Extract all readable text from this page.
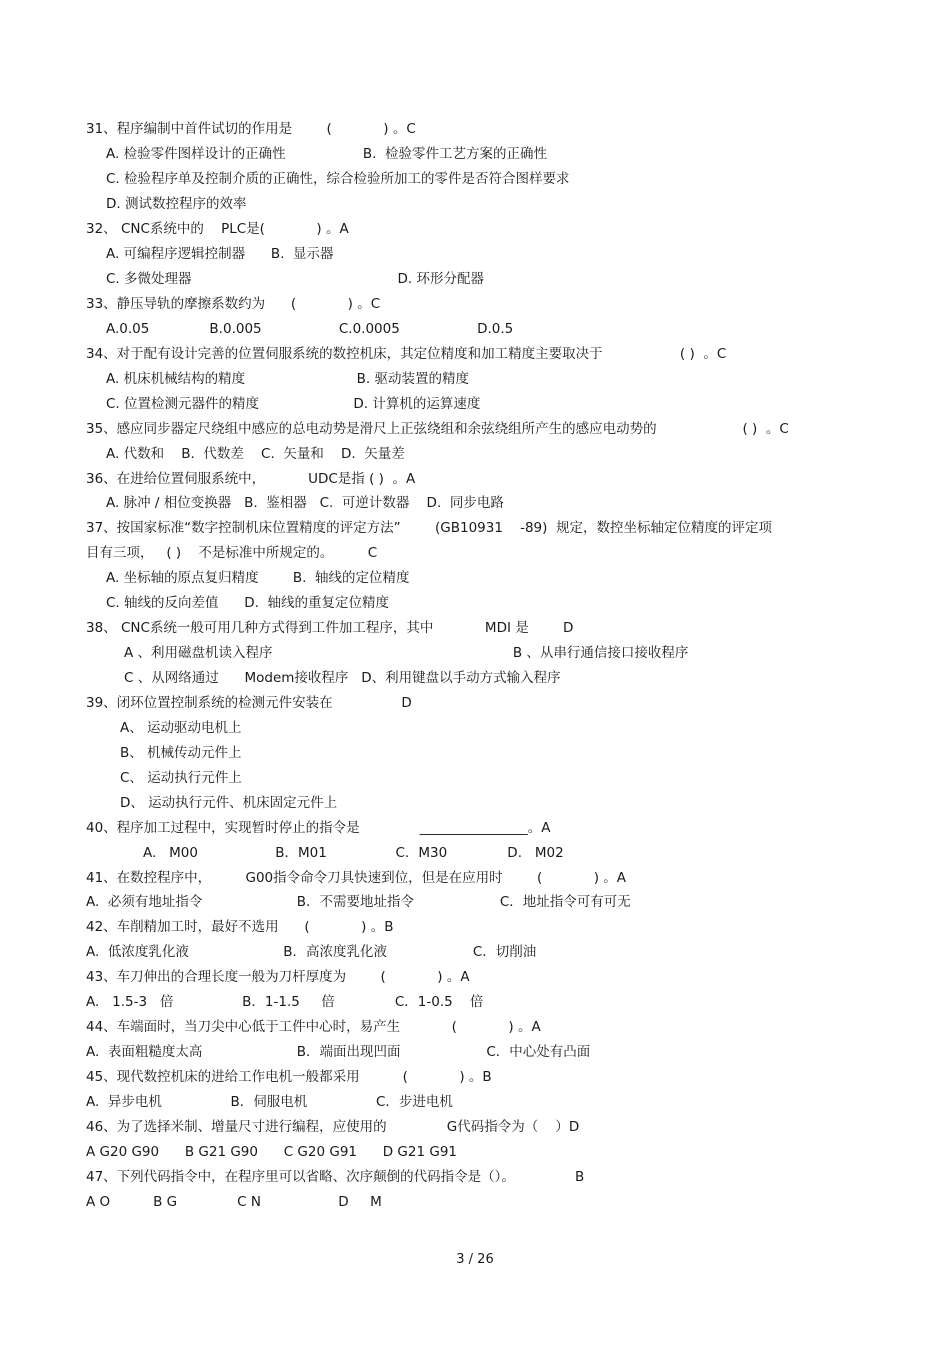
31、程序编制中首件试切的作用是        (            ) 。C
A. 检验零件图样设计的正确性                  B.  检验零件工艺方案的正确性
C. 检验程序单及控制介质的正确性，综合检验所加工的零件是否符合图样要求
D. 测试数控程序的效率
32、 CNC系统中的    PLC是(            ) 。A
A. 可编程序逻辑控制器      B.  显示器
C. 多微处理器                                                D. 环形分配器
33、静压导轨的摩擦系数约为      (            ) 。C
A.0.05              B.0.005                  C.0.0005                  D.0.5
34、对于配有设计完善的位置伺服系统的数控机床，其定位精度和加工精度主要取决于                  ( )  。C
A. 机床机械结构的精度                          B. 驱动装置的精度
C. 位置检测元器件的精度                      D. 计算机的运算速度
35、感应同步器定尺绕组中感应的总电动势是滑尺上正弦绕组和余弦绕组所产生的感应电动势的                    ( )  。C
A. 代数和    B.  代数差    C.  矢量和    D.  矢量差
36、在进给位置伺服系统中，          UDC是指 ( )  。A
A. 脉冲 / 相位变换器   B.  鉴相器   C.  可逆计数器    D.  同步电路
37、按国家标准“数字控制机床位置精度的评定方法”        (GB10931    -89)  规定，数控坐标轴定位精度的评定项
目有三项，   ( )    不是标准中所规定的。        C
A. 坐标轴的原点复归精度        B.  轴线的定位精度
C. 轴线的反向差值      D.  轴线的重复定位精度
38、 CNC系统一般可用几种方式得到工件加工程序，其中            MDI 是        D
A 、利用磁盘机读入程序                                                        B 、从串行通信接口接收程序
C 、从网络通过      Modem接收程序   D、利用键盘以手动方式输入程序
39、闭环位置控制系统的检测元件安装在                D
A、 运动驱动电机上
B、 机械传动元件上
C、 运动执行元件上
D、 运动执行元件、机床固定元件上
40、程序加工过程中，实现暂时停止的指令是              ________________。A
A.   M00                  B．M01                C．M30              D.   M02
41、在数控程序中，        G00指令命令刀具快速到位，但是在应用时        (            ) 。A
A.  必须有地址指令                      B．不需要地址指令                    C．地址指令可有可无
42、车削精加工时，最好不选用      (            ) 。B
A.  低浓度乳化液                      B．高浓度乳化液                    C．切削油
43、车刀伸出的合理长度一般为刀杆厚度为        (            ) 。A
A.   1.5-3   倍                B．1-1.5     倍              C．1-0.5    倍
44、车端面时，当刀尖中心低于工件中心时，易产生            (            ) 。A
A.  表面粗糙度太高                      B．端面出现凹面                    C．中心处有凸面
45、现代数控机床的进给工作电机一般都采用          (            ) 。B
A.  异步电机                B．伺服电机                C．步进电机
46、为了选择米制、增量尺寸进行编程，应使用的              G代码指令为（    ）D
A G20 G90      B G21 G90      C G20 G91      D G21 G91
47、下列代码指令中，在程序里可以省略、次序颠倒的代码指令是（）。              B
A O          B G              C N                  D     M
3 / 26
